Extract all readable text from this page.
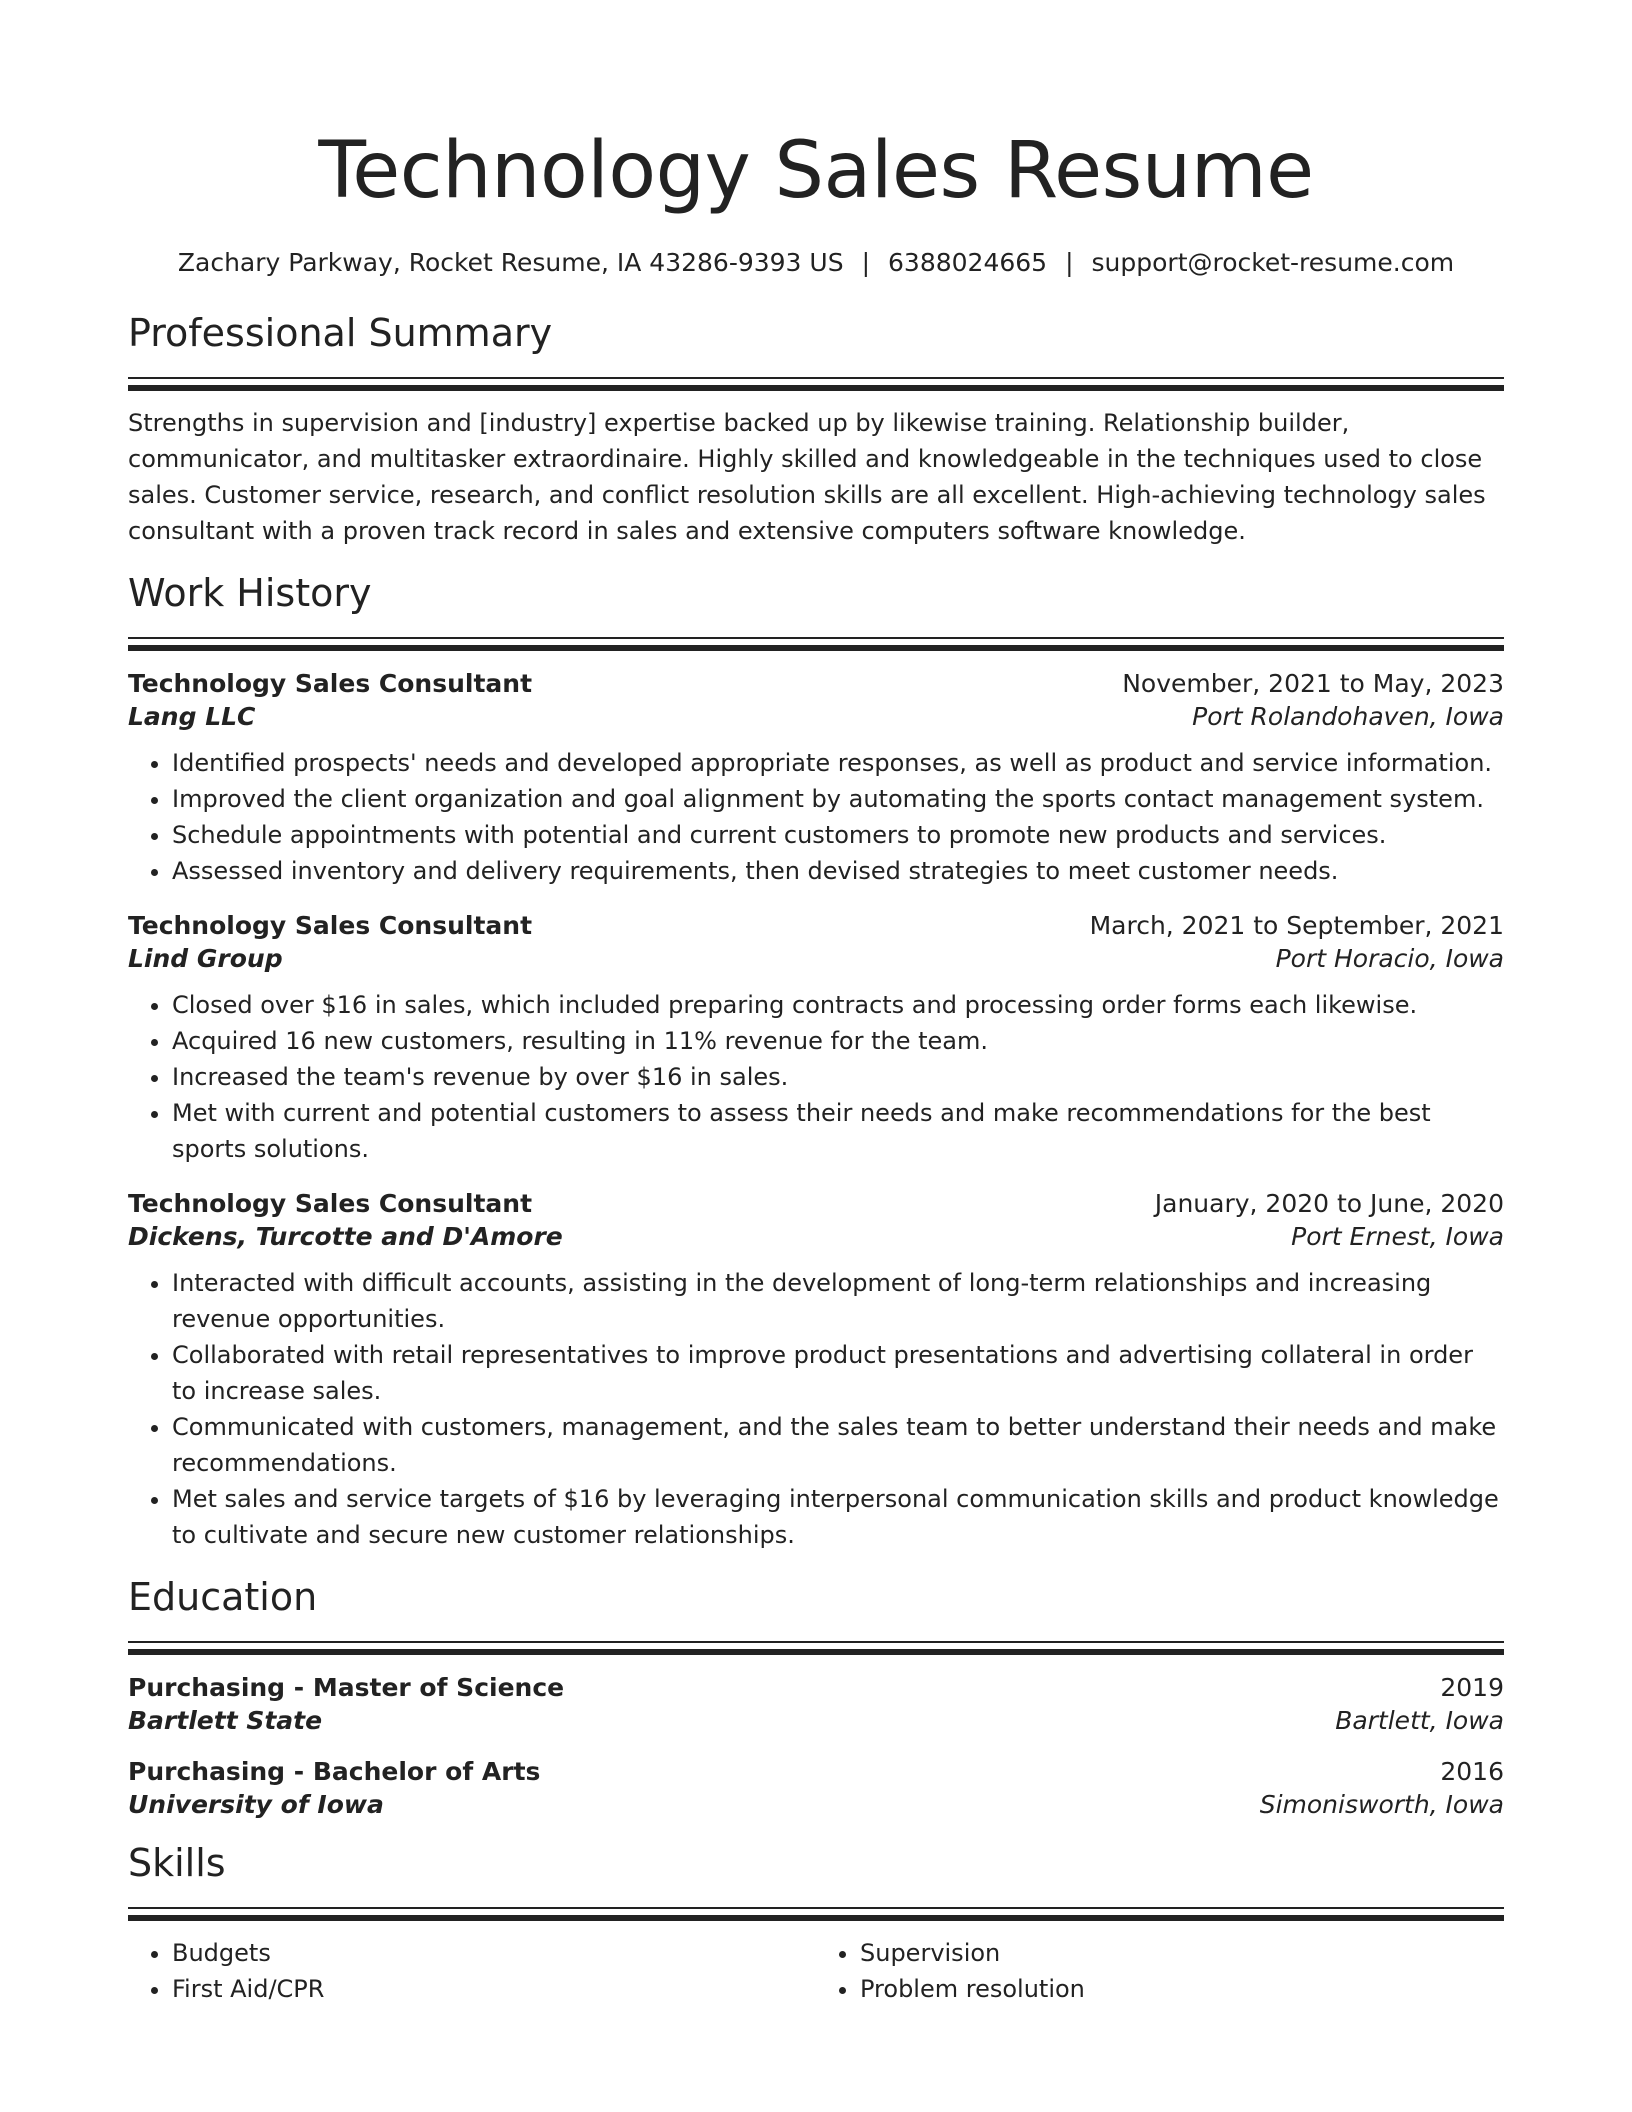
Technology Sales Resume
Zachary Parkway, Rocket Resume, IA 43286-9393 US | 6388024665 | support@rocket-resume.com
Professional Summary
Strengths in supervision and [industry] expertise backed up by likewise training. Relationship builder, communicator, and multitasker extraordinaire. Highly skilled and knowledgeable in the techniques used to close sales. Customer service, research, and conflict resolution skills are all excellent. High-achieving technology sales consultant with a proven track record in sales and extensive computers software knowledge.
Work History
Technology Sales Consultant	November, 2021 to May, 2023
Lang LLC	Port Rolandohaven, Iowa
• Identified prospects' needs and developed appropriate responses, as well as product and service information.
• Improved the client organization and goal alignment by automating the sports contact management system.
• Schedule appointments with potential and current customers to promote new products and services.
• Assessed inventory and delivery requirements, then devised strategies to meet customer needs.
Technology Sales Consultant	March, 2021 to September, 2021
Lind Group	Port Horacio, Iowa
• Closed over $16 in sales, which included preparing contracts and processing order forms each likewise.
• Acquired 16 new customers, resulting in 11% revenue for the team.
• Increased the team's revenue by over $16 in sales.
• Met with current and potential customers to assess their needs and make recommendations for the best sports solutions.
Technology Sales Consultant	January, 2020 to June, 2020
Dickens, Turcotte and D'Amore	Port Ernest, Iowa
• Interacted with difficult accounts, assisting in the development of long-term relationships and increasing revenue opportunities.
• Collaborated with retail representatives to improve product presentations and advertising collateral in order to increase sales.
• Communicated with customers, management, and the sales team to better understand their needs and make recommendations.
• Met sales and service targets of $16 by leveraging interpersonal communication skills and product knowledge to cultivate and secure new customer relationships.
Education
Purchasing - Master of Science	2019
Bartlett State	Bartlett, Iowa
Purchasing - Bachelor of Arts	2016
University of Iowa	Simonisworth, Iowa
Skills
• Budgets
• First Aid/CPR
• Supervision
• Problem resolution
